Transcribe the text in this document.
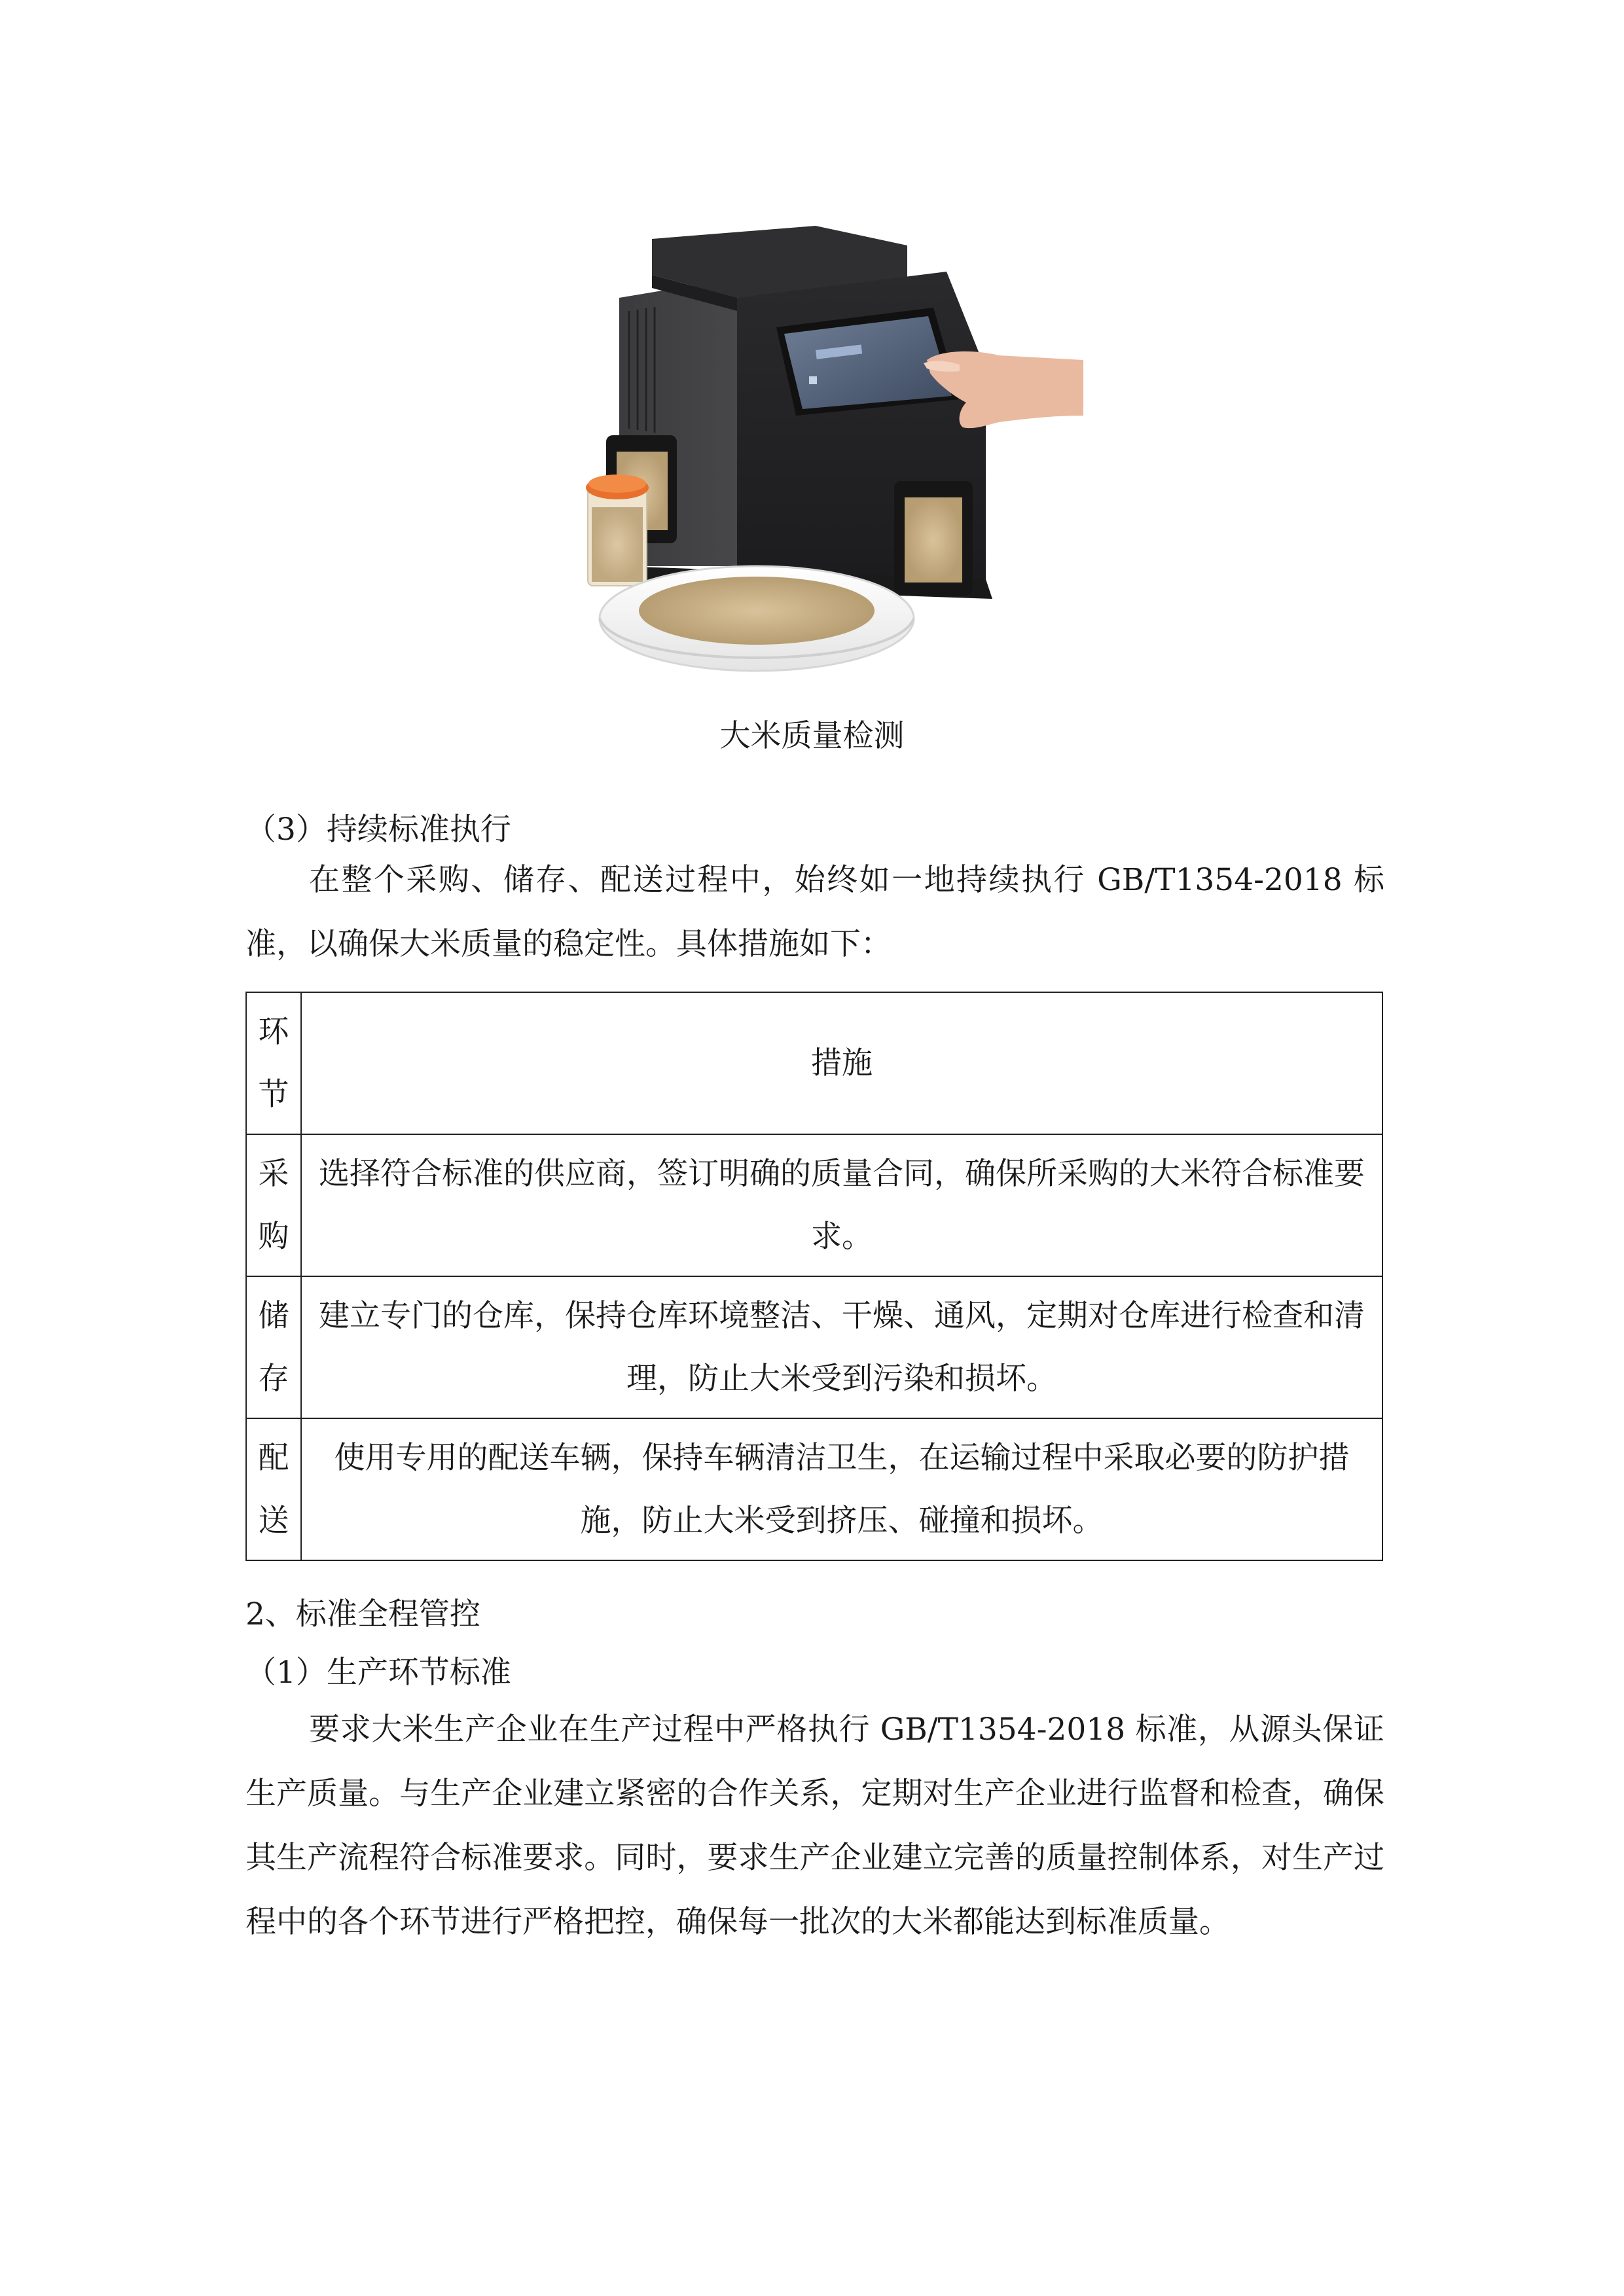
大米质量检测

（3）持续标准执行

在整个采购、储存、配送过程中，始终如一地持续执行 GB/T1354-2018 标准，以确保大米质量的稳定性。具体措施如下：

环
节	措施

采
购	选择符合标准的供应商，签订明确的质量合同，确保所采购的大米符合标准要求。

储
存	建立专门的仓库，保持仓库环境整洁、干燥、通风，定期对仓库进行检查和清理，防止大米受到污染和损坏。

配
送	使用专用的配送车辆，保持车辆清洁卫生，在运输过程中采取必要的防护措施，防止大米受到挤压、碰撞和损坏。

2、标准全程管控

（1）生产环节标准

要求大米生产企业在生产过程中严格执行 GB/T1354-2018 标准，从源头保证生产质量。与生产企业建立紧密的合作关系，定期对生产企业进行监督和检查，确保其生产流程符合标准要求。同时，要求生产企业建立完善的质量控制体系，对生产过程中的各个环节进行严格把控，确保每一批次的大米都能达到标准质量。
